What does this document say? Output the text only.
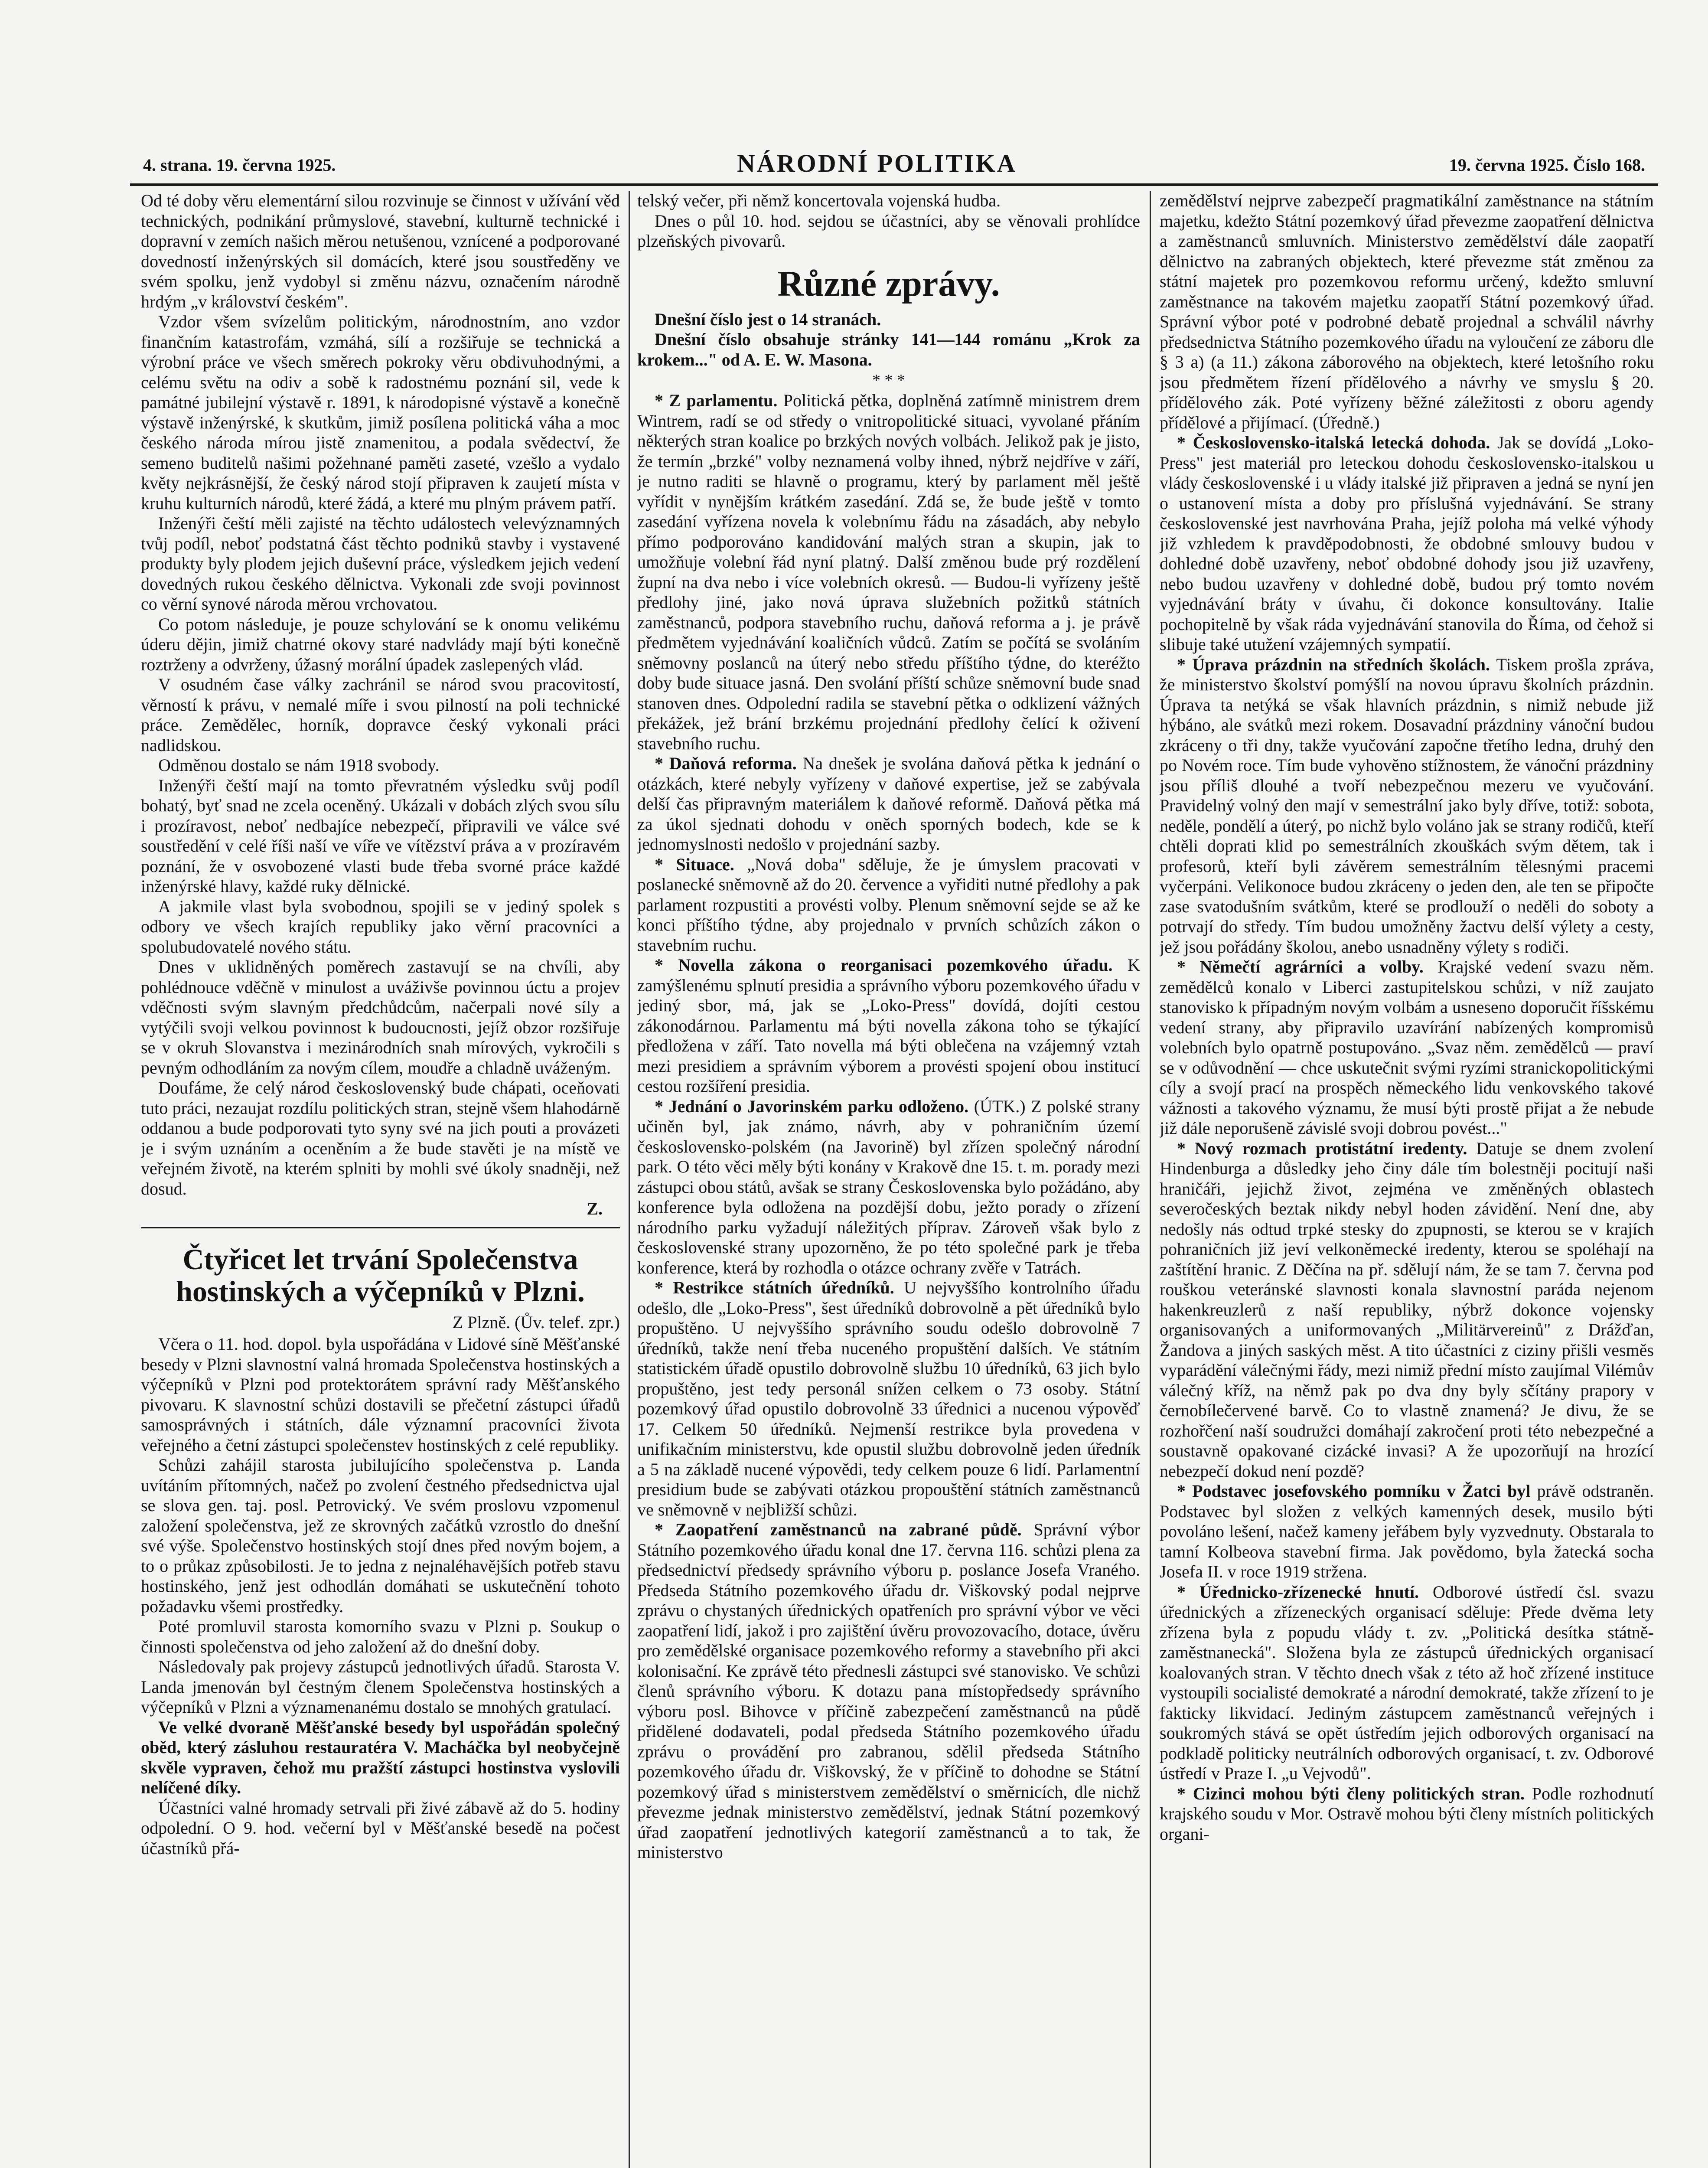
4. strana. 19. června 1925.	NÁRODNÍ POLITIKA	19. června 1925. Číslo 168.

Od té doby věru elementární silou rozvinuje se činnost v užívání věd technických, podnikání průmyslové, stavební, kulturně technické i dopravní v zemích našich měrou netušenou, vznícené a podporované dovedností inženýrských sil domácích, které jsou soustředěny ve svém spolku, jenž vydobyl si změnu názvu, označením národně hrdým „v království českém".

Vzdor všem svízelům politickým, národnostním, ano vzdor finančním katastrofám, vzmáhá, sílí a rozšiřuje se technická a výrobní práce ve všech směrech pokroky věru obdivuhodnými, a celému světu na odiv a sobě k radostnému poznání sil, vede k památné jubilejní výstavě r. 1891, k národopisné výstavě a konečně výstavě inženýrské, k skutkům, jimiž posílena politická váha a moc českého národa mírou jistě znamenitou, a podala svědectví, že semeno buditelů našimi požehnané paměti zaseté, vzešlo a vydalo květy nejkrásnější, že český národ stojí připraven k zaujetí místa v kruhu kulturních národů, které žádá, a které mu plným právem patří.

Inženýři čeští měli zajisté na těchto událostech velevýznamných tvůj podíl, neboť podstatná část těchto podniků stavby i vystavené produkty byly plodem jejich duševní práce, výsledkem jejich vedení dovedných rukou českého dělnictva. Vykonali zde svoji povinnost co věrní synové národa měrou vrchovatou.

Co potom následuje, je pouze schylování se k onomu velikému úderu dějin, jimiž chatrné okovy staré nadvlády mají býti konečně roztrženy a odvrženy, úžasný morální úpadek zaslepených vlád.

V osudném čase války zachránil se národ svou pracovitostí, věrností k právu, v nemalé míře i svou pilností na poli technické práce. Zemědělec, horník, dopravce český vykonali práci nadlidskou.

Odměnou dostalo se nám 1918 svobody.

Inženýři čeští mají na tomto převratném výsledku svůj podíl bohatý, byť snad ne zcela oceněný. Ukázali v dobách zlých svou sílu i prozíravost, neboť nedbajíce nebezpečí, připravili ve válce své soustředění v celé říši naší ve víře ve vítězství práva a v prozíravém poznání, že v osvobozené vlasti bude třeba svorné práce každé inženýrské hlavy, každé ruky dělnické.

A jakmile vlast byla svobodnou, spojili se v jediný spolek s odbory ve všech krajích republiky jako věrní pracovníci a spolubudovatelé nového státu.

Dnes v uklidněných poměrech zastavují se na chvíli, aby pohlédnouce vděčně v minulost a uváživše povinnou úctu a projev vděčnosti svým slavným předchůdcům, načerpali nové síly a vytýčili svoji velkou povinnost k budoucnosti, jejíž obzor rozšiřuje se v okruh Slovanstva i mezinárodních snah mírových, vykročili s pevným odhodláním za novým cílem, moudře a chladně uváženým.

Doufáme, že celý národ československý bude chápati, oceňovati tuto práci, nezaujat rozdílu politických stran, stejně všem hlahodárně oddanou a bude podporovati tyto syny své na jich pouti a provázeti je i svým uznáním a oceněním a že bude stavěti je na místě ve veřejném životě, na kterém splniti by mohli své úkoly snadněji, než dosud.

Z.
Čtyřicet let trvání Společenstva hostinských a výčepníků v Plzni.
Z Plzně. (Ův. telef. zpr.)

Včera o 11. hod. dopol. byla uspořádána v Lidové síně Měšťanské besedy v Plzni slavnostní valná hromada Společenstva hostinských a výčepníků v Plzni pod protektorátem správní rady Měšťanského pivovaru. K slavnostní schůzi dostavili se přečetní zástupci úřadů samosprávných i státních, dále významní pracovníci života veřejného a četní zástupci společenstev hostinských z celé republiky.

Schůzi zahájil starosta jubilujícího společenstva p. Landa uvítáním přítomných, načež po zvolení čestného předsednictva ujal se slova gen. taj. posl. Petrovický. Ve svém proslovu vzpomenul založení společenstva, jež ze skrovných začátků vzrostlo do dnešní své výše. Společenstvo hostinských stojí dnes před novým bojem, a to o průkaz způsobilosti. Je to jedna z nejnaléhavějších potřeb stavu hostinského, jenž jest odhodlán domáhati se uskutečnění tohoto požadavku všemi prostředky.

Poté promluvil starosta komorního svazu v Plzni p. Soukup o činnosti společenstva od jeho založení až do dnešní doby.

Následovaly pak projevy zástupců jednotlivých úřadů. Starosta V. Landa jmenován byl čestným členem Společenstva hostinských a výčepníků v Plzni a významenanému dostalo se mnohých gratulací.

Ve velké dvoraně Měšťanské besedy byl uspořádán společný oběd, který zásluhou restauratéra V. Macháčka byl neobyčejně skvěle vypraven, čehož mu pražští zástupci hostinstva vyslovili nelíčené díky.

Účastníci valné hromady setrvali při živé zábavě až do 5. hodiny odpolední. O 9. hod. večerní byl v Měšťanské besedě na počest účastníků přá-

telský večer, při němž koncertovala vojenská hudba.

Dnes o půl 10. hod. sejdou se účastníci, aby se věnovali prohlídce plzeňských pivovarů.

Různé zprávy.

Dnešní číslo jest o 14 stranách.

Dnešní číslo obsahuje stránky 141—144 románu „Krok za krokem..." od A. E. W. Masona.

* * *

* Z parlamentu. Politická pětka, doplněná zatímně ministrem drem Wintrem, radí se od středy o vnitropolitické situaci, vyvolané přáním některých stran koalice po brzkých nových volbách. Jelikož pak je jisto, že termín „brzké" volby neznamená volby ihned, nýbrž nejdříve v září, je nutno raditi se hlavně o programu, který by parlament měl ještě vyřídit v nynějším krátkém zasedání. Zdá se, že bude ještě v tomto zasedání vyřízena novela k volebnímu řádu na zásadách, aby nebylo přímo podporováno kandidování malých stran a skupin, jak to umožňuje volební řád nyní platný. Další změnou bude prý rozdělení župní na dva nebo i více volebních okresů. — Budou-li vyřízeny ještě předlohy jiné, jako nová úprava služebních požitků státních zaměstnanců, podpora stavebního ruchu, daňová reforma a j. je právě předmětem vyjednávání koaličních vůdců. Zatím se počítá se svoláním sněmovny poslanců na úterý nebo středu příštího týdne, do kteréžto doby bude situace jasná. Den svolání příští schůze sněmovní bude snad stanoven dnes. Odpolední radila se stavební pětka o odklizení vážných překážek, jež brání brzkému projednání předlohy čelící k oživení stavebního ruchu.

* Daňová reforma. Na dnešek je svolána daňová pětka k jednání o otázkách, které nebyly vyřízeny v daňové expertise, jež se zabývala delší čas připravným materiálem k daňové reformě. Daňová pětka má za úkol sjednati dohodu v oněch sporných bodech, kde se k jednomyslnosti nedošlo v projednání sazby.

* Situace. „Nová doba" sděluje, že je úmyslem pracovati v poslanecké sněmovně až do 20. července a vyřiditi nutné předlohy a pak parlament rozpustiti a provésti volby. Plenum sněmovní sejde se až ke konci příštího týdne, aby projednalo v prvních schůzích zákon o stavebním ruchu.

* Novella zákona o reorganisaci pozemkového úřadu. K zamýšlenému splnutí presidia a správního výboru pozemkového úřadu v jediný sbor, má, jak se „Loko-Press" dovídá, dojíti cestou zákonodárnou. Parlamentu má býti novella zákona toho se týkající předložena v září. Tato novella má býti oblečena na vzájemný vztah mezi presidiem a správním výborem a provésti spojení obou institucí cestou rozšíření presidia.

* Jednání o Javorinském parku odloženo. (ÚTK.) Z polské strany učiněn byl, jak známo, návrh, aby v pohraničním území československo-polském (na Javorině) byl zřízen společný národní park. O této věci měly býti konány v Krakově dne 15. t. m. porady mezi zástupci obou států, avšak se strany Československa bylo požádáno, aby konference byla odložena na pozdější dobu, ježto porady o zřízení národního parku vyžadují náležitých příprav. Zároveň však bylo z československé strany upozorněno, že po této společné park je třeba konference, která by rozhodla o otázce ochrany zvěře v Tatrách.

* Restrikce státních úředníků. U nejvyššího kontrolního úřadu odešlo, dle „Loko-Press", šest úředníků dobrovolně a pět úředníků bylo propuštěno. U nejvyššího správního soudu odešlo dobrovolně 7 úředníků, takže není třeba nuceného propuštění dalších. Ve státním statistickém úřadě opustilo dobrovolně službu 10 úředníků, 63 jich bylo propuštěno, jest tedy personál snížen celkem o 73 osoby. Státní pozemkový úřad opustilo dobrovolně 33 úřednici a nucenou výpověď 17. Celkem 50 úředníků. Nejmenší restrikce byla provedena v unifikačním ministerstvu, kde opustil službu dobrovolně jeden úředník a 5 na základě nucené výpovědi, tedy celkem pouze 6 lidí. Parlamentní presidium bude se zabývati otázkou propouštění státních zaměstnanců ve sněmovně v nejbližší schůzi.

* Zaopatření zaměstnanců na zabrané půdě. Správní výbor Státního pozemkového úřadu konal dne 17. června 116. schůzi plena za předsednictví předsedy správního výboru p. poslance Josefa Vraného. Předseda Státního pozemkového úřadu dr. Viškovský podal nejprve zprávu o chystaných úřednických opatřeních pro správní výbor ve věci zaopatření lidí, jakož i pro zajištění úvěru provozovacího, dotace, úvěru pro zemědělské organisace pozemkového reformy a stavebního při akci kolonisační. Ke zprávě této přednesli zástupci své stanovisko. Ve schůzi členů správního výboru. K dotazu pana místopředsedy správního výboru posl. Bihovce v příčině zabezpečení zaměstnanců na půdě přidělené dodavateli, podal předseda Státního pozemkového úřadu zprávu o provádění pro zabranou, sdělil předseda Státního pozemkového úřadu dr. Viškovský, že v příčině to dohodne se Státní pozemkový úřad s ministerstvem zemědělství o směrnicích, dle nichž převezme jednak ministerstvo zemědělství, jednak Státní pozemkový úřad zaopatření jednotlivých kategorií zaměstnanců a to tak, že ministerstvo

zemědělství nejprve zabezpečí pragmatikální zaměstnance na státním majetku, kdežto Státní pozemkový úřad převezme zaopatření dělnictva a zaměstnanců smluvních. Ministerstvo zemědělství dále zaopatří dělnictvo na zabraných objektech, které převezme stát změnou za státní majetek pro pozemkovou reformu určený, kdežto smluvní zaměstnance na takovém majetku zaopatří Státní pozemkový úřad. Správní výbor poté v podrobné debatě projednal a schválil návrhy předsednictva Státního pozemkového úřadu na vyloučení ze záboru dle § 3 a) (a 11.) zákona záborového na objektech, které letošního roku jsou předmětem řízení přídělového a návrhy ve smyslu § 20. přídělového zák. Poté vyřízeny běžné záležitosti z oboru agendy přídělové a přijímací. (Úředně.)

* Československo-italská letecká dohoda. Jak se dovídá „Loko-Press" jest materiál pro leteckou dohodu československo-italskou u vlády československé i u vlády italské již připraven a jedná se nyní jen o ustanovení místa a doby pro příslušná vyjednávání. Se strany československé jest navrhována Praha, jejíž poloha má velké výhody již vzhledem k pravděpodobnosti, že obdobné smlouvy budou v dohledné době uzavřeny, neboť obdobné dohody jsou již uzavřeny, nebo budou uzavřeny v dohledné době, budou prý tomto novém vyjednávání bráty v úvahu, či dokonce konsultovány. Italie pochopitelně by však ráda vyjednávání stanovila do Říma, od čehož si slibuje také utužení vzájemných sympatií.

* Úprava prázdnin na středních školách. Tiskem prošla zpráva, že ministerstvo školství pomýšlí na novou úpravu školních prázdnin. Úprava ta netýká se však hlavních prázdnin, s nimiž nebude již hýbáno, ale svátků mezi rokem. Dosavadní prázdniny vánoční budou zkráceny o tři dny, takže vyučování započne třetího ledna, druhý den po Novém roce. Tím bude vyhověno stížnostem, že vánoční prázdniny jsou příliš dlouhé a tvoří nebezpečnou mezeru ve vyučování. Pravidelný volný den mají v semestrální jako byly dříve, totiž: sobota, neděle, pondělí a úterý, po nichž bylo voláno jak se strany rodičů, kteří chtěli doprati klid po semestrálních zkouškách svým dětem, tak i profesorů, kteří byli závěrem semestrálním tělesnými pracemi vyčerpáni. Velikonoce budou zkráceny o jeden den, ale ten se připočte zase svatodušním svátkům, které se prodlouží o neděli do soboty a potrvají do středy. Tím budou umožněny žactvu delší výlety a cesty, jež jsou pořádány školou, anebo usnadněny výlety s rodiči.

* Němečtí agrárníci a volby. Krajské vedení svazu něm. zemědělců konalo v Liberci zastupitelskou schůzi, v níž zaujato stanovisko k případným novým volbám a usneseno doporučit říšskému vedení strany, aby připravilo uzavírání nabízených kompromisů volebních bylo opatrně postupováno. „Svaz něm. zemědělců — praví se v odůvodnění — chce uskutečnit svými ryzími stranickopolitickými cíly a svojí prací na prospěch německého lidu venkovského takové vážnosti a takového významu, že musí býti prostě přijat a že nebude již dále neporušeně závislé svoji dobrou povést..."

* Nový rozmach protistátní iredenty. Datuje se dnem zvolení Hindenburga a důsledky jeho činy dále tím bolestněji pocitují naši hraničáři, jejichž život, zejména ve změněných oblastech severočeských beztak nikdy nebyl hoden závidění. Není dne, aby nedošly nás odtud trpké stesky do zpupnosti, se kterou se v krajích pohraničních již jeví velkoněmecké iredenty, kterou se spoléhají na zaštítění hranic. Z Děčína na př. sdělují nám, že se tam 7. června pod rouškou veteránské slavnosti konala slavnostní paráda nejenom hakenkreuzlerů z naší republiky, nýbrž dokonce vojensky organisovaných a uniformovaných „Militärvereinů" z Drážďan, Žandova a jiných saských měst. A tito účastníci z ciziny přišli vesměs vyparádění válečnými řády, mezi nimiž přední místo zaujímal Vilémův válečný kříž, na němž pak po dva dny byly sčítány prapory v černobílečervené barvě. Co to vlastně znamená? Je divu, že se rozhořčení naší soudružci domáhají zakročení proti této nebezpečné a soustavně opakované cizácké invasi? A že upozorňují na hrozící nebezpečí dokud není pozdě?

* Podstavec josefovského pomníku v Žatci byl právě odstraněn. Podstavec byl složen z velkých kamenných desek, musilo býti povoláno lešení, načež kameny jeřábem byly vyzvednuty. Obstarala to tamní Kolbeova stavební firma. Jak povědomo, byla žatecká socha Josefa II. v roce 1919 stržena.

* Úřednicko-zřízenecké hnutí. Odborové ústředí čsl. svazu úřednických a zřízeneckých organisací sděluje: Přede dvěma lety zřízena byla z popudu vlády t. zv. „Politická desítka státně-zaměstnanecká". Složena byla ze zástupců úřednických organisací koalovaných stran. V těchto dnech však z této až hoč zřízené instituce vystoupili socialisté demokraté a národní demokraté, takže zřízení to je fakticky likvidací. Jediným zástupcem zaměstnanců veřejných i soukromých stává se opět ústředím jejich odborových organisací na podkladě politicky neutrálních odborových organisací, t. zv. Odborové ústředí v Praze I. „u Vejvodů".

* Cizinci mohou býti členy politických stran. Podle rozhodnutí krajského soudu v Mor. Ostravě mohou býti členy místních politických organi-
